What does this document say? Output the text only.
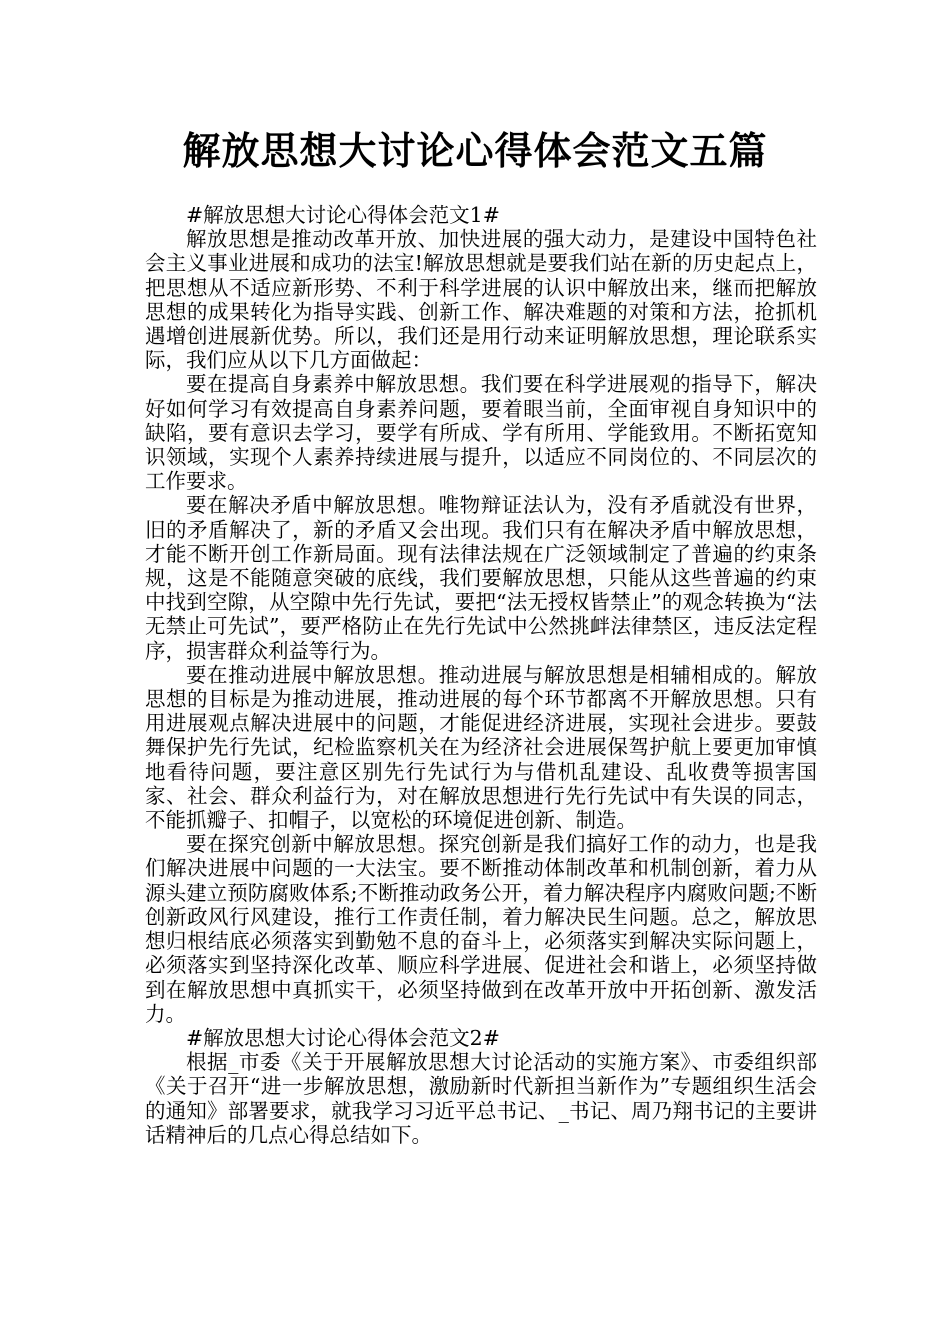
解放思想大讨论心得体会范文五篇

#解放思想大讨论心得体会范文1#

解放思想是推动改革开放、加快进展的强大动力，是建设中国特色社会主义事业进展和成功的法宝!解放思想就是要我们站在新的历史起点上，把思想从不适应新形势、不利于科学进展的认识中解放出来，继而把解放思想的成果转化为指导实践、创新工作、解决难题的对策和方法，抢抓机遇增创进展新优势。所以，我们还是用行动来证明解放思想，理论联系实际，我们应从以下几方面做起：

要在提高自身素养中解放思想。我们要在科学进展观的指导下，解决好如何学习有效提高自身素养问题，要着眼当前，全面审视自身知识中的缺陷，要有意识去学习，要学有所成、学有所用、学能致用。不断拓宽知识领域，实现个人素养持续进展与提升，以适应不同岗位的、不同层次的工作要求。

要在解决矛盾中解放思想。唯物辩证法认为，没有矛盾就没有世界，旧的矛盾解决了，新的矛盾又会出现。我们只有在解决矛盾中解放思想，才能不断开创工作新局面。现有法律法规在广泛领域制定了普遍的约束条规，这是不能随意突破的底线，我们要解放思想，只能从这些普遍的约束中找到空隙，从空隙中先行先试，要把“法无授权皆禁止”的观念转换为“法无禁止可先试”，要严格防止在先行先试中公然挑衅法律禁区，违反法定程序，损害群众利益等行为。

要在推动进展中解放思想。推动进展与解放思想是相辅相成的。解放思想的目标是为推动进展，推动进展的每个环节都离不开解放思想。只有用进展观点解决进展中的问题，才能促进经济进展，实现社会进步。要鼓舞保护先行先试，纪检监察机关在为经济社会进展保驾护航上要更加审慎地看待问题，要注意区别先行先试行为与借机乱建设、乱收费等损害国家、社会、群众利益行为，对在解放思想进行先行先试中有失误的同志，不能抓瓣子、扣帽子，以宽松的环境促进创新、制造。

要在探究创新中解放思想。探究创新是我们搞好工作的动力，也是我们解决进展中问题的一大法宝。要不断推动体制改革和机制创新，着力从源头建立预防腐败体系;不断推动政务公开，着力解决程序内腐败问题;不断创新政风行风建设，推行工作责任制，着力解决民生问题。总之，解放思想归根结底必须落实到勤勉不息的奋斗上，必须落实到解决实际问题上，必须落实到坚持深化改革、顺应科学进展、促进社会和谐上，必须坚持做到在解放思想中真抓实干，必须坚持做到在改革开放中开拓创新、激发活力。

#解放思想大讨论心得体会范文2#

根据_市委《关于开展解放思想大讨论活动的实施方案》、市委组织部《关于召开“进一步解放思想，激励新时代新担当新作为”专题组织生活会的通知》部署要求，就我学习习近平总书记、_书记、周乃翔书记的主要讲话精神后的几点心得总结如下。
